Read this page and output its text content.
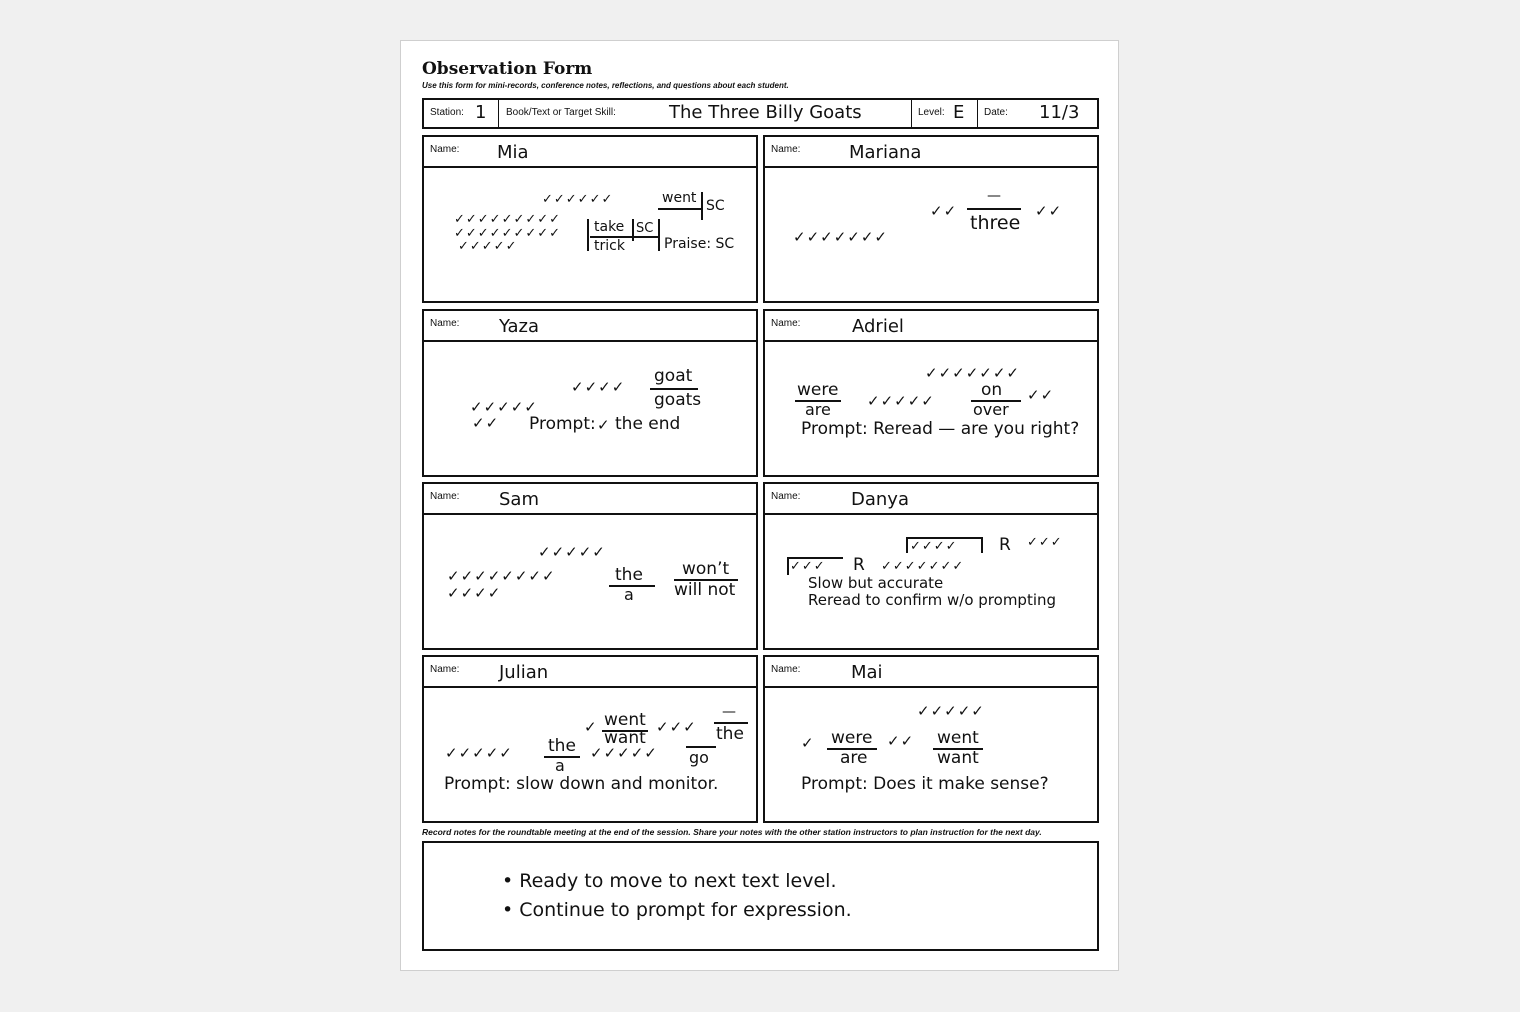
Observation Form
Use this form for mini-records, conference notes, reflections, and questions about each student.
Station: 1 Book/Text or Target Skill:	The Three Billy Goats	Level: E Date: 11/3
Name: Mia
✓✓✓✓✓✓
✓✓✓✓✓✓✓✓✓
✓✓✓✓✓✓✓✓✓
✓✓✓✓✓
went SC
take
trick
SC
Praise: SC
Name:	Mariana
✓✓✓✓✓✓✓
✓✓
—
three
✓✓
Name: Yaza
✓✓✓✓
goat
goats
✓✓✓✓✓
✓✓ Prompt: ✓ the end
Name:	Adriel
were
are ✓✓✓✓✓
✓✓✓✓✓✓✓
on
over
✓✓
Prompt: Reread — are you right?
Name: Sam
✓✓✓✓✓
✓✓✓✓✓✓✓✓
✓✓✓✓
the
a
won’t
will not
Name:	Danya
✓✓✓ R
✓✓✓✓ R ✓✓✓
✓✓✓✓✓✓✓
Slow but accurate
Reread to confirm w/o prompting
Name: Julian
✓✓✓✓✓ the
a
✓ went
want
✓✓✓
—
the
✓✓✓✓✓ go
Prompt: slow down and monitor.
Name:	Mai
✓✓✓✓✓
✓ were
are
✓✓ went
want
Prompt: Does it make sense?
Record notes for the roundtable meeting at the end of the session. Share your notes with the other station instructors to plan instruction for the next day.
• Ready to move to next text level.
• Continue to prompt for expression.
